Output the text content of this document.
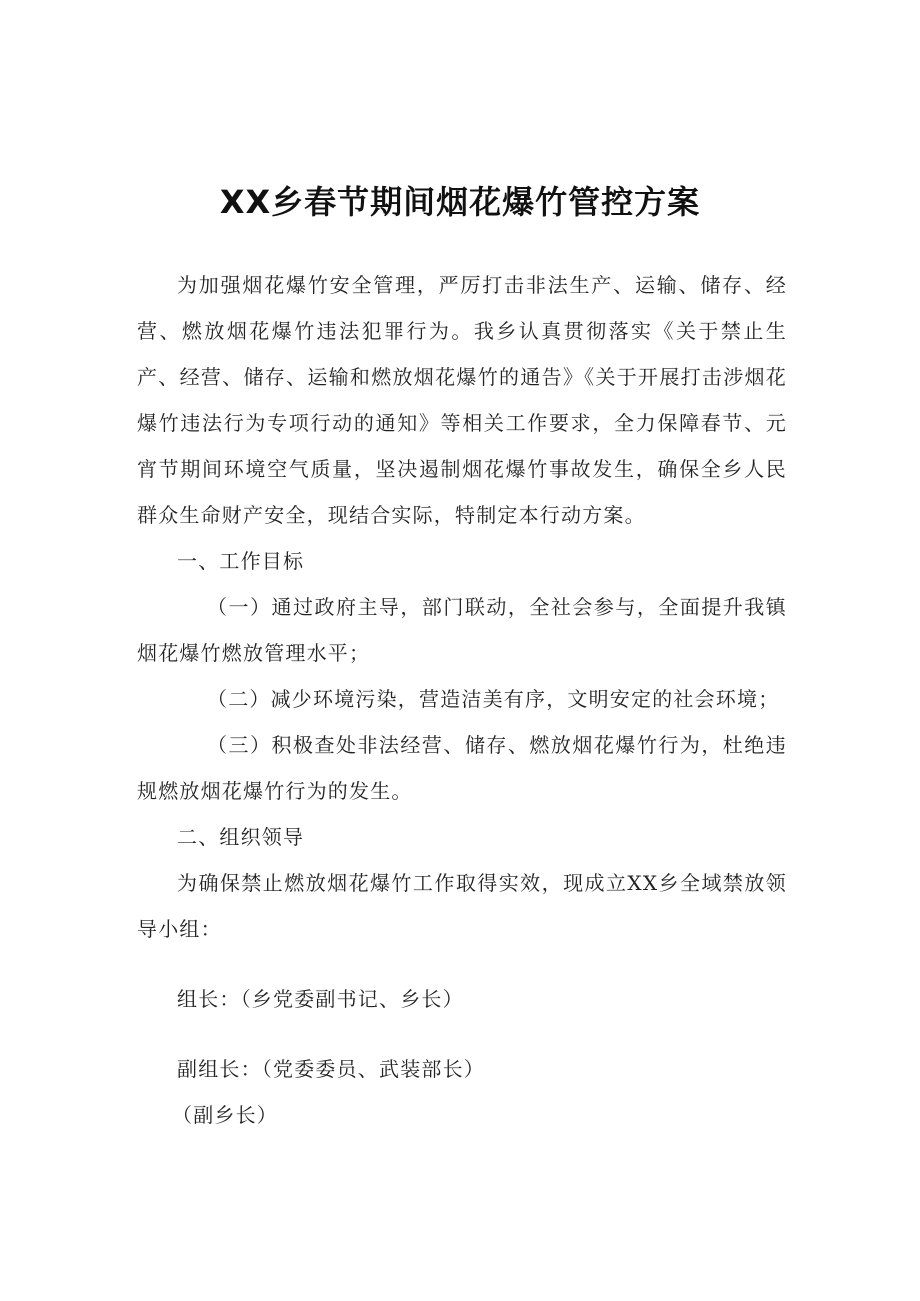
XX乡春节期间烟花爆竹管控方案

为加强烟花爆竹安全管理，严厉打击非法生产、运输、储存、经营、燃放烟花爆竹违法犯罪行为。我乡认真贯彻落实《关于禁止生产、经营、储存、运输和燃放烟花爆竹的通告》《关于开展打击涉烟花爆竹违法行为专项行动的通知》等相关工作要求，全力保障春节、元宵节期间环境空气质量，坚决遏制烟花爆竹事故发生，确保全乡人民群众生命财产安全，现结合实际，特制定本行动方案。

一、工作目标

（一）通过政府主导，部门联动，全社会参与，全面提升我镇烟花爆竹燃放管理水平；

（二）减少环境污染，营造洁美有序，文明安定的社会环境；

（三）积极查处非法经营、储存、燃放烟花爆竹行为，杜绝违规燃放烟花爆竹行为的发生。

二、组织领导

为确保禁止燃放烟花爆竹工作取得实效，现成立XX乡全域禁放领导小组：

组长：（乡党委副书记、乡长）

副组长：（党委委员、武装部长）

（副乡长）
